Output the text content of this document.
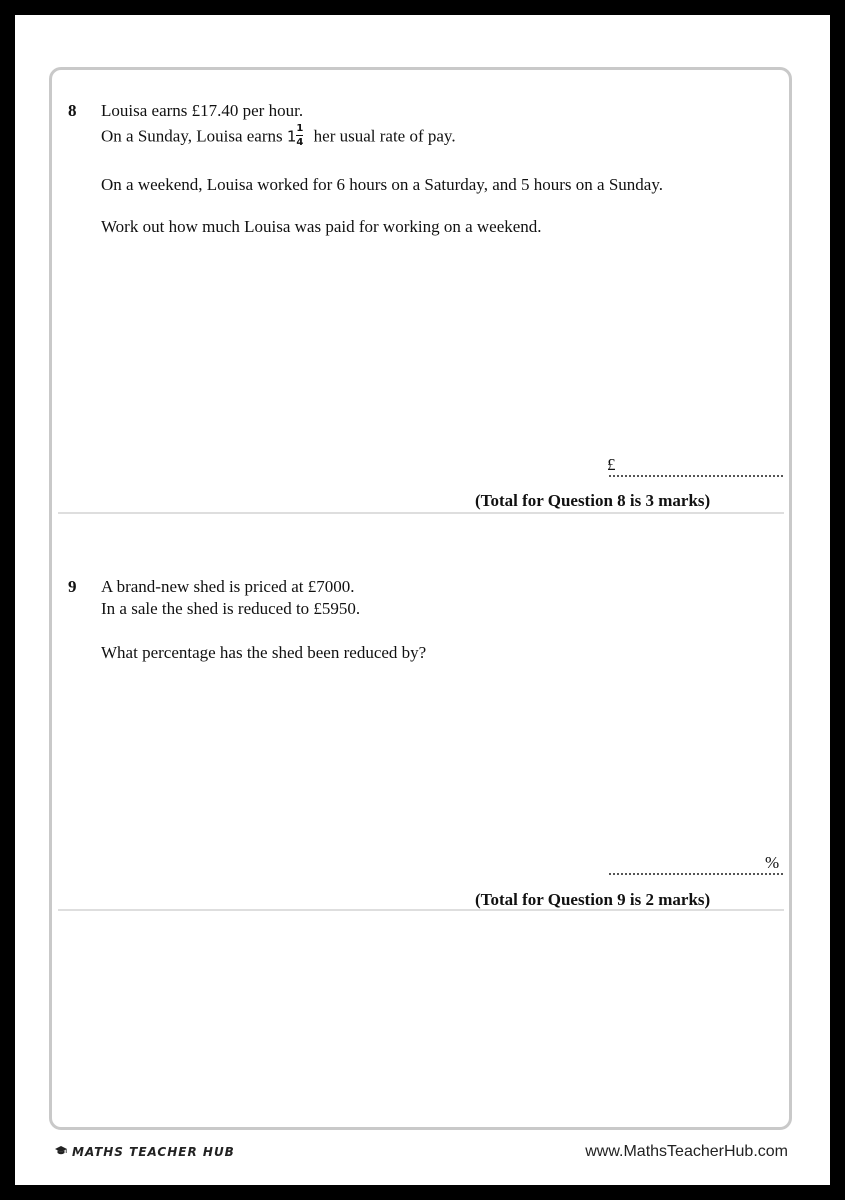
8 Louisa earns £17.40 per hour.
On a Sunday, Louisa earns $1 \frac{1}{4}$ her usual rate of pay.
On a weekend, Louisa worked for 6 hours on a Saturday, and 5 hours on a Sunday.
Work out how much Louisa was paid for working on a weekend.
£
(Total for Question 8 is 3 marks)
9 A brand-new shed is priced at £7000.
In a sale the shed is reduced to £5950.
What percentage has the shed been reduced by?
%
(Total for Question 9 is 2 marks)
MATHS TEACHER HUB	www.MathsTeacherHub.com
